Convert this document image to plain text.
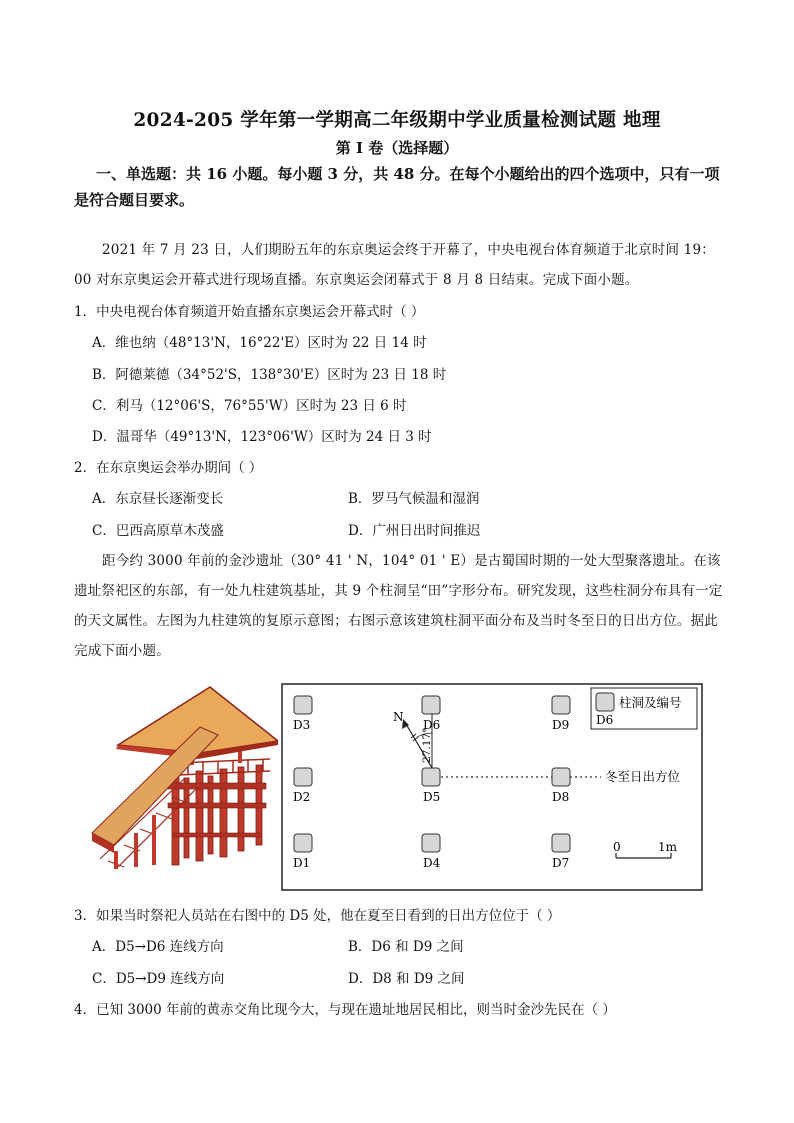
2024-205 学年第一学期高二年级期中学业质量检测试题 地理
第 I 卷（选择题）
一、单选题：共 16 小题。每小题 3 分，共 48 分。在每个小题给出的四个选项中，只有一项是符合题目要求。
2021 年 7 月 23 日，人们期盼五年的东京奥运会终于开幕了，中央电视台体育频道于北京时间 19：00 对东京奥运会开幕式进行现场直播。东京奥运会闭幕式于 8 月 8 日结束。完成下面小题。
1．中央电视台体育频道开始直播东京奥运会开幕式时（ ）
A．维也纳（48°13'N，16°22'E）区时为 22 日 14 时
B．阿德莱德（34°52'S，138°30'E）区时为 23 日 18 时
C．利马（12°06'S，76°55'W）区时为 23 日 6 时
D．温哥华（49°13'N，123°06'W）区时为 24 日 3 时
2．在东京奥运会举办期间（ ）
A．东京昼长逐渐变长	B．罗马气候温和湿润
C．巴西高原草木茂盛	D．广州日出时间推迟
距今约 3000 年前的金沙遗址（30° 41 ' N，104° 01 ' E）是古蜀国时期的一处大型聚落遗址。在该遗址祭祀区的东部，有一处九柱建筑基址，其 9 个柱洞呈“田”字形分布。研究发现，这些柱洞分布具有一定的天文属性。左图为九柱建筑的复原示意图；右图示意该建筑柱洞平面分布及当时冬至日的日出方位。据此完成下面小题。
柱洞及编号
D6
冬至日出方位
N
27.17°
D3	D6	D9
D2	D5	D8
D1	D4	D7
0	1m
3．如果当时祭祀人员站在右图中的 D5 处，他在夏至日看到的日出方位位于（ ）
A．D5→D6 连线方向	B．D6 和 D9 之间
C．D5→D9 连线方向	D．D8 和 D9 之间
4．已知 3000 年前的黄赤交角比现今大，与现在遗址地居民相比，则当时金沙先民在（ ）
